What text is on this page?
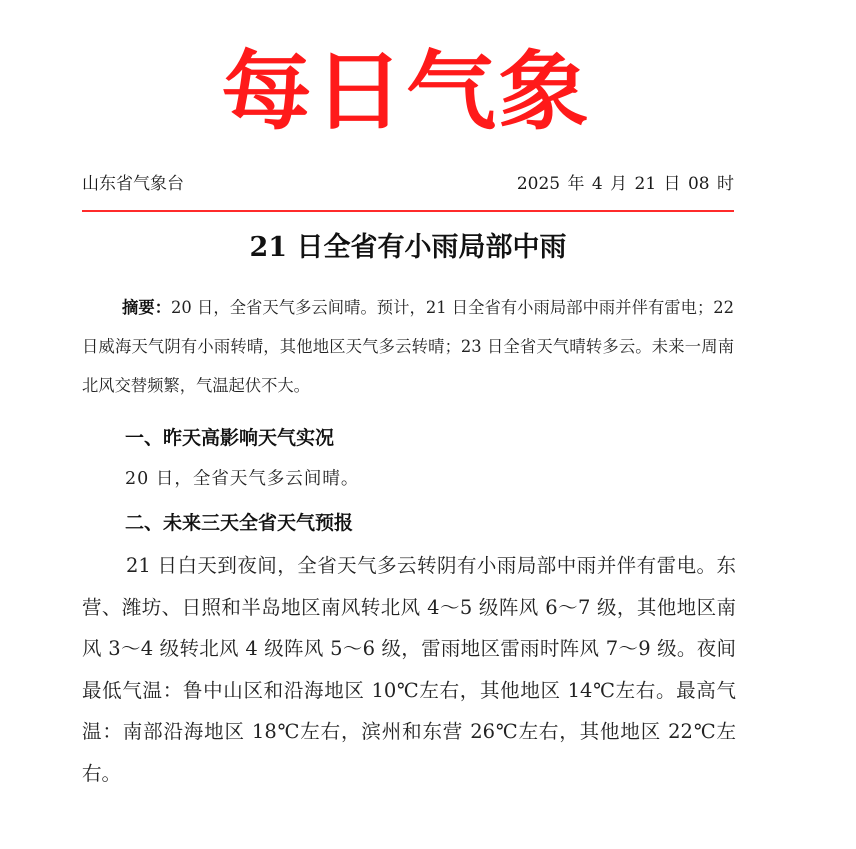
每日气象
山东省气象台	2025 年 4 月 21 日 08 时
21 日全省有小雨局部中雨

摘要：20 日，全省天气多云间晴。预计，21 日全省有小雨局部中雨并伴有雷电；22 日威海天气阴有小雨转晴，其他地区天气多云转晴；23 日全省天气晴转多云。未来一周南北风交替频繁，气温起伏不大。

一、昨天高影响天气实况

20 日，全省天气多云间晴。

二、未来三天全省天气预报

21 日白天到夜间，全省天气多云转阴有小雨局部中雨并伴有雷电。东营、潍坊、日照和半岛地区南风转北风 4～5 级阵风 6～7 级，其他地区南风 3～4 级转北风 4 级阵风 5～6 级，雷雨地区雷雨时阵风 7～9 级。夜间最低气温：鲁中山区和沿海地区 10℃左右，其他地区 14℃左右。最高气温：南部沿海地区 18℃左右，滨州和东营 26℃左右，其他地区 22℃左右。
